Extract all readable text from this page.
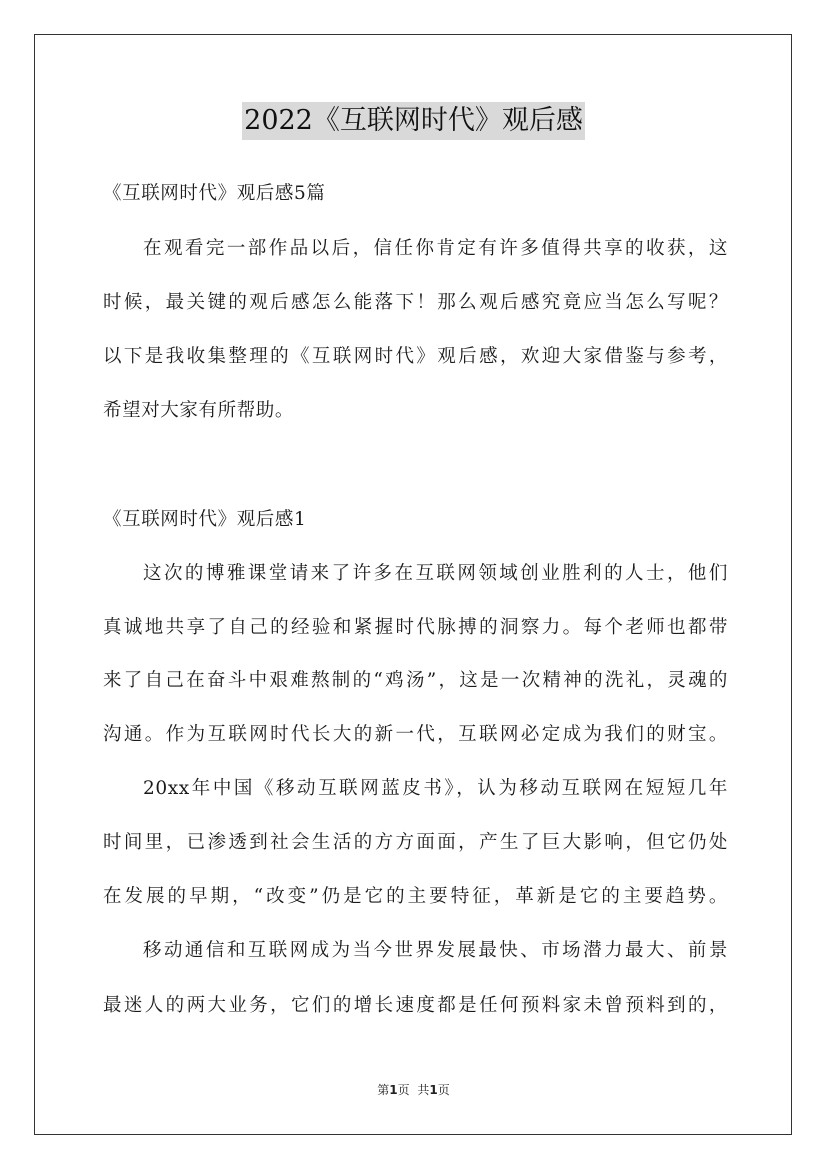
2022《互联网时代》观后感
《互联网时代》观后感5篇
在观看完一部作品以后，信任你肯定有许多值得共享的收获，这
时候，最关键的观后感怎么能落下！那么观后感究竟应当怎么写呢？
以下是我收集整理的《互联网时代》观后感，欢迎大家借鉴与参考，
希望对大家有所帮助。
《互联网时代》观后感1
这次的博雅课堂请来了许多在互联网领域创业胜利的人士，他们
真诚地共享了自己的经验和紧握时代脉搏的洞察力。每个老师也都带
来了自己在奋斗中艰难熬制的“鸡汤”，这是一次精神的洗礼，灵魂的
沟通。作为互联网时代长大的新一代，互联网必定成为我们的财宝。
20xx年中国《移动互联网蓝皮书》，认为移动互联网在短短几年
时间里，已渗透到社会生活的方方面面，产生了巨大影响，但它仍处
在发展的早期，“改变”仍是它的主要特征，革新是它的主要趋势。
移动通信和互联网成为当今世界发展最快、市场潜力最大、前景
最迷人的两大业务，它们的增长速度都是任何预料家未曾预料到的，
第1页 共1页
